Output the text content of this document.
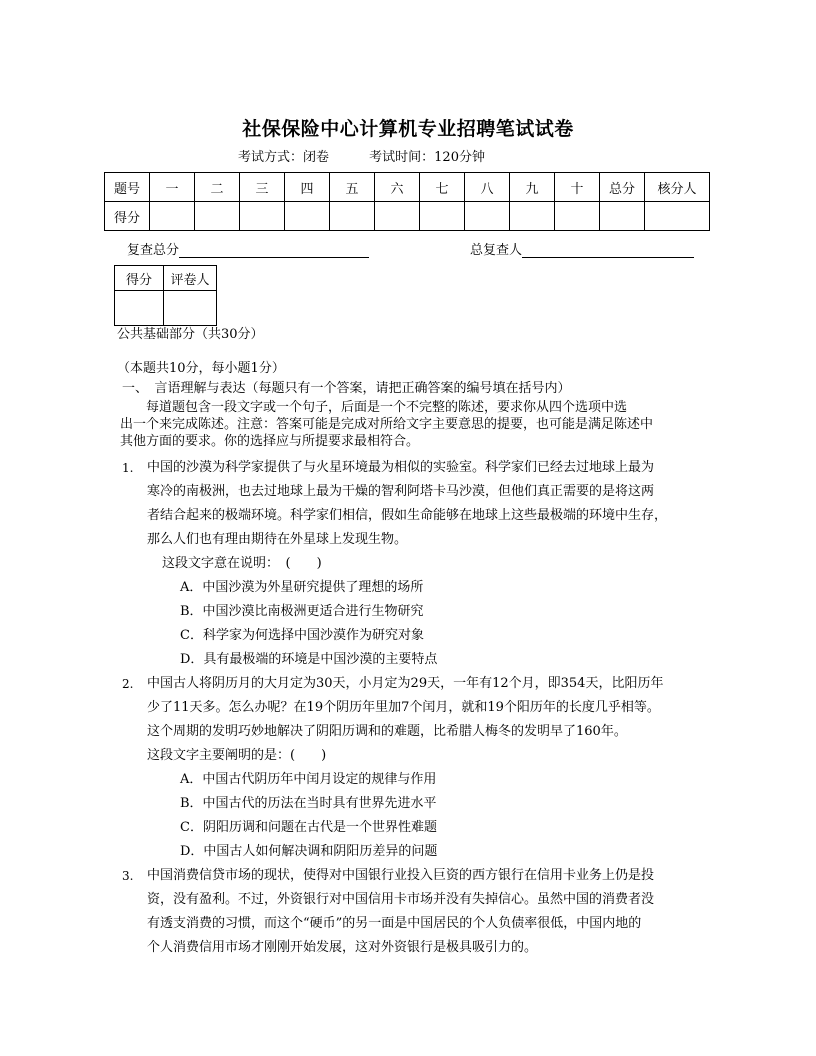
社保保险中心计算机专业招聘笔试试卷
考试方式：闭卷	考试时间：120分钟
题号	一	二	三	四	五	六	七	八	九	十	总分	核分人
得分												
复查总分	总复查人
得分	评卷人

公共基础部分（共30分）
（本题共10分，每小题1分）
一、　言语理解与表达（每题只有一个答案，请把正确答案的编号填在括号内）
　　每道题包含一段文字或一个句子，后面是一个不完整的陈述，要求你从四个选项中选
出一个来完成陈述。注意：答案可能是完成对所给文字主要意思的提要，也可能是满足陈述中
其他方面的要求。你的选择应与所提要求最相符合。
1. 中国的沙漠为科学家提供了与火星环境最为相似的实验室。科学家们已经去过地球上最为
寒冷的南极洲，也去过地球上最为干燥的智利阿塔卡马沙漠，但他们真正需要的是将这两
者结合起来的极端环境。科学家们相信，假如生命能够在地球上这些最极端的环境中生存，
那么人们也有理由期待在外星球上发现生物。
这段文字意在说明：　(　　)
A．中国沙漠为外星研究提供了理想的场所
B．中国沙漠比南极洲更适合进行生物研究
C．科学家为何选择中国沙漠作为研究对象
D．具有最极端的环境是中国沙漠的主要特点
2. 中国古人将阴历月的大月定为30天，小月定为29天，一年有12个月，即354天，比阳历年
少了11天多。怎么办呢？在19个阴历年里加7个闰月，就和19个阳历年的长度几乎相等。
这个周期的发明巧妙地解决了阴阳历调和的难题，比希腊人梅冬的发明早了160年。
这段文字主要阐明的是：(　　)
A．中国古代阴历年中闰月设定的规律与作用
B．中国古代的历法在当时具有世界先进水平
C．阴阳历调和问题在古代是一个世界性难题
D．中国古人如何解决调和阴阳历差异的问题
3. 中国消费信贷市场的现状，使得对中国银行业投入巨资的西方银行在信用卡业务上仍是投
资，没有盈利。不过，外资银行对中国信用卡市场并没有失掉信心。虽然中国的消费者没
有透支消费的习惯，而这个“硬币”的另一面是中国居民的个人负债率很低，中国内地的
个人消费信用市场才刚刚开始发展，这对外资银行是极具吸引力的。
